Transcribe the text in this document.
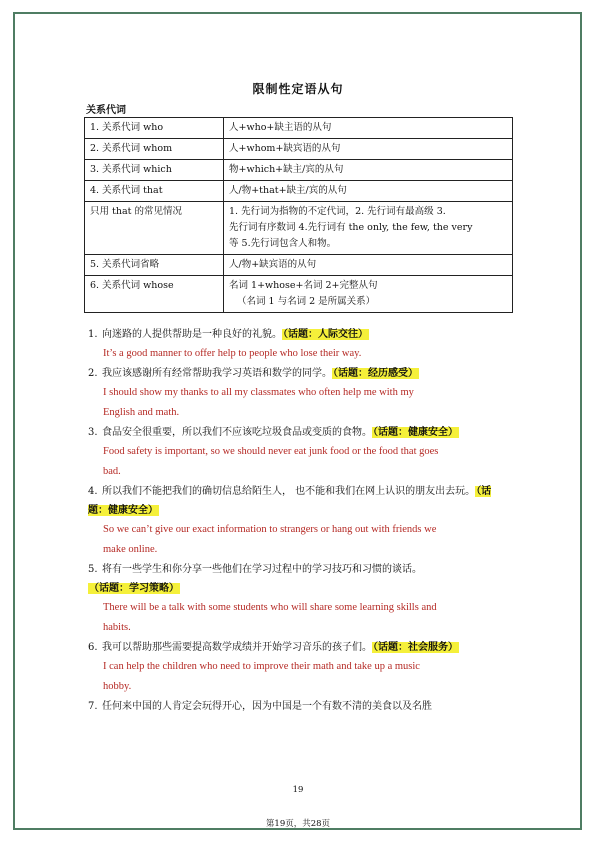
限制性定语从句
关系代词
1. 关系代词 who	人+who+缺主语的从句

2. 关系代词 whom	人+whom+缺宾语的从句

3. 关系代词 which	物+which+缺主/宾的从句

4. 关系代词 that	人/物+that+缺主/宾的从句

只用 that 的常见情况	1. 先行词为指物的不定代词，2. 先行词有最高级 3.
先行词有序数词 4.先行词有 the only, the few, the very
等 5.先行词包含人和物。

5. 关系代词省略	人/物+缺宾语的从句

6. 关系代词 whose	名词 1+whose+名词 2+完整从句
（名词 1 与名词 2 是所属关系）
1. 向迷路的人提供帮助是一种良好的礼貌。（话题：人际交往）
It’s a good manner to offer help to people who lose their way.
2. 我应该感谢所有经常帮助我学习英语和数学的同学。（话题：经历感受）
I should show my thanks to all my classmates who often help me with my
English and math.
3. 食品安全很重要，所以我们不应该吃垃圾食品或变质的食物。（话题：健康安全）
Food safety is important, so we should never eat junk food or the food that goes
bad.
4. 所以我们不能把我们的确切信息给陌生人， 也不能和我们在网上认识的朋友出去玩。（话题：健康安全）
So we can’t give our exact information to strangers or hang out with friends we
make online.
5. 将有一些学生和你分享一些他们在学习过程中的学习技巧和习惯的谈话。（话题：学习策略）
There will be a talk with some students who will share some learning skills and
habits.
6. 我可以帮助那些需要提高数学成绩并开始学习音乐的孩子们。（话题：社会服务）
I can help the children who need to improve their math and take up a music
hobby.
7. 任何来中国的人肯定会玩得开心，因为中国是一个有数不清的美食以及名胜
19
第19页，共28页
